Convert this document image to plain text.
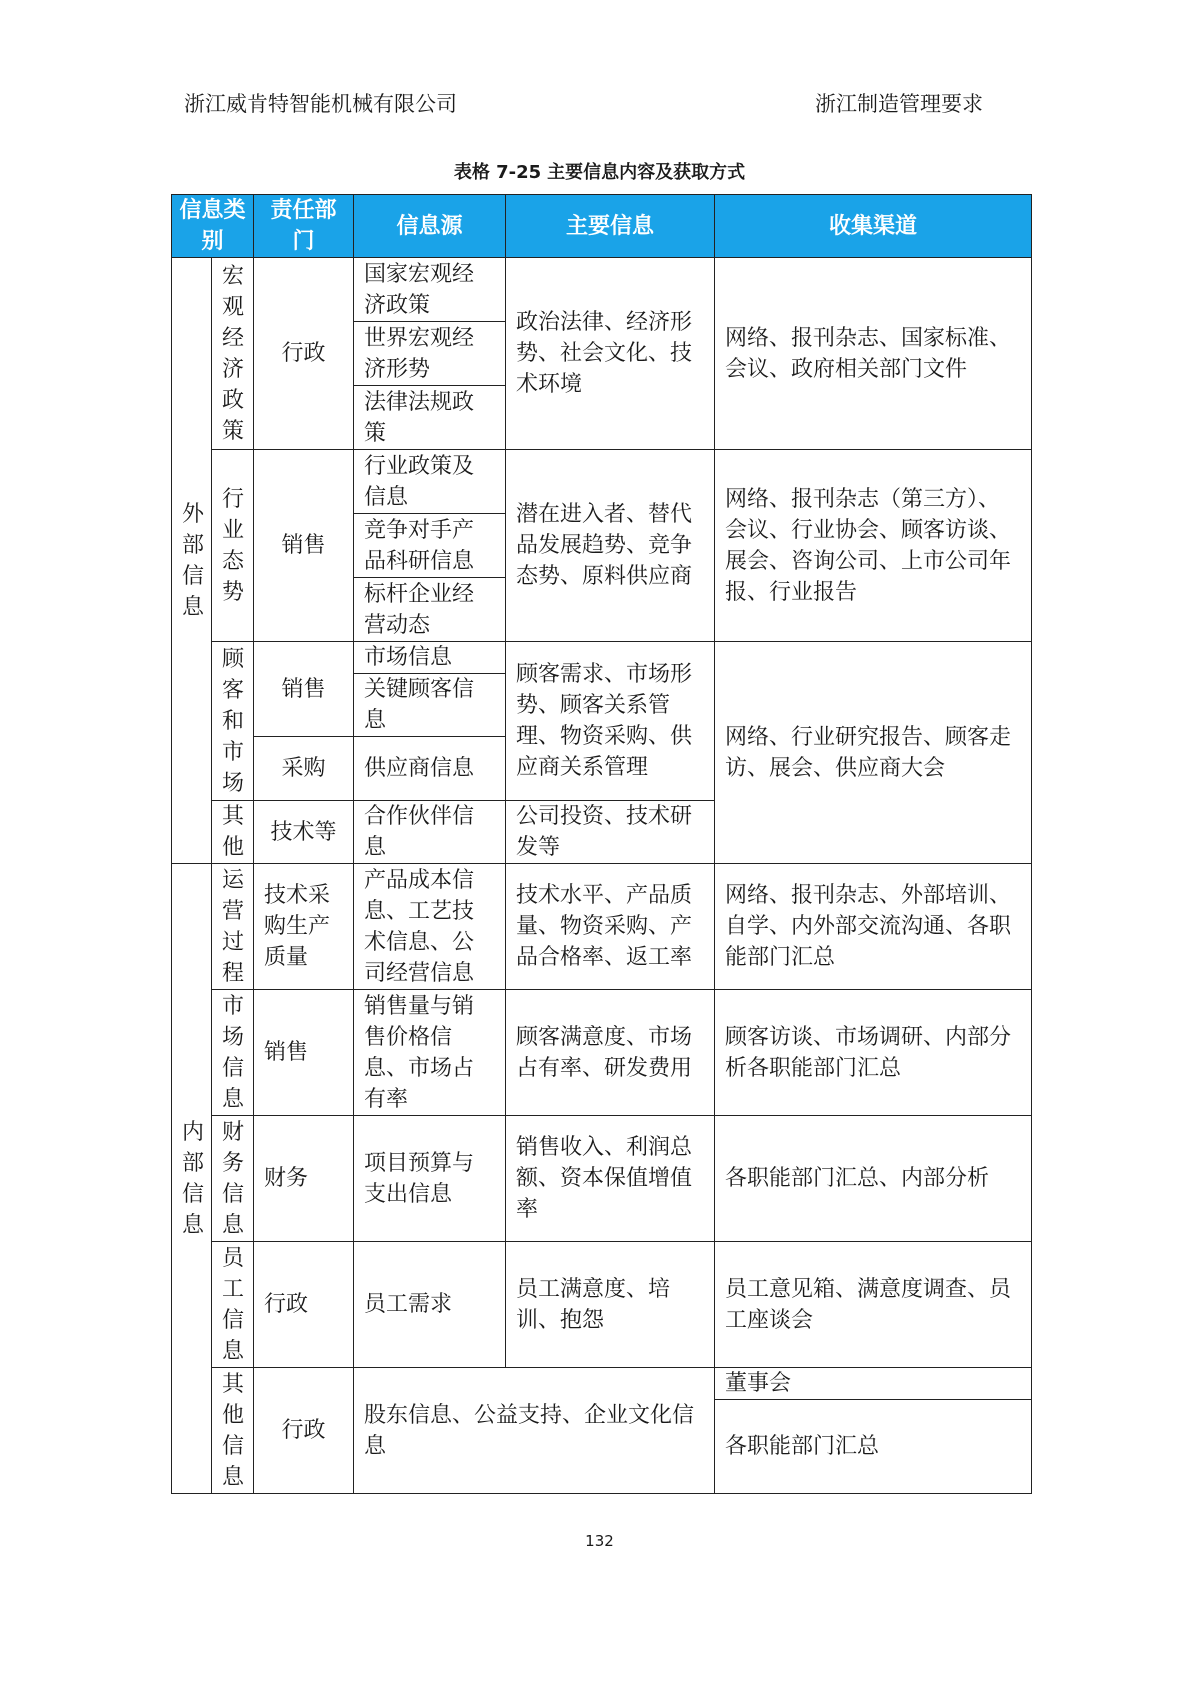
浙江威肯特智能机械有限公司	浙江制造管理要求
表格 7-25 主要信息内容及获取方式
信息类别		责任部门	信息源	主要信息	收集渠道
外部信息	宏观经济政策	行政	国家宏观经济政策	政治法律、经济形势、社会文化、技术环境	网络、报刊杂志、国家标准、会议、政府相关部门文件
			世界宏观经济形势		
			法律法规政策		
	行业态势	销售	行业政策及信息	潜在进入者、替代品发展趋势、竞争态势、原料供应商	网络、报刊杂志（第三方）、会议、行业协会、顾客访谈、展会、咨询公司、上市公司年报、行业报告
			竞争对手产品科研信息		
			标杆企业经营动态		
	顾客和市场	销售	市场信息	顾客需求、市场形势、顾客关系管理、物资采购、供应商关系管理	网络、行业研究报告、顾客走访、展会、供应商大会
			关键顾客信息		
		采购	供应商信息		

	其他	技术等	合作伙伴信息	公司投资、技术研发等	

内部信息	运营过程	技术采购生产质量	产品成本信息、工艺技术信息、公司经营信息	技术水平、产品质量、物资采购、产品合格率、返工率	网络、报刊杂志、外部培训、自学、内外部交流沟通、各职能部门汇总
	市场信息	销售	销售量与销售价格信息、市场占有率	顾客满意度、市场占有率、研发费用	顾客访谈、市场调研、内部分析各职能部门汇总
	财务信息	财务	项目预算与支出信息	销售收入、利润总额、资本保值增值率	各职能部门汇总、内部分析
	员工信息	行政	员工需求	员工满意度、培训、抱怨	员工意见箱、满意度调查、员工座谈会
	其他信息	行政	股东信息、公益支持、企业文化信息		董事会
					各职能部门汇总
132
